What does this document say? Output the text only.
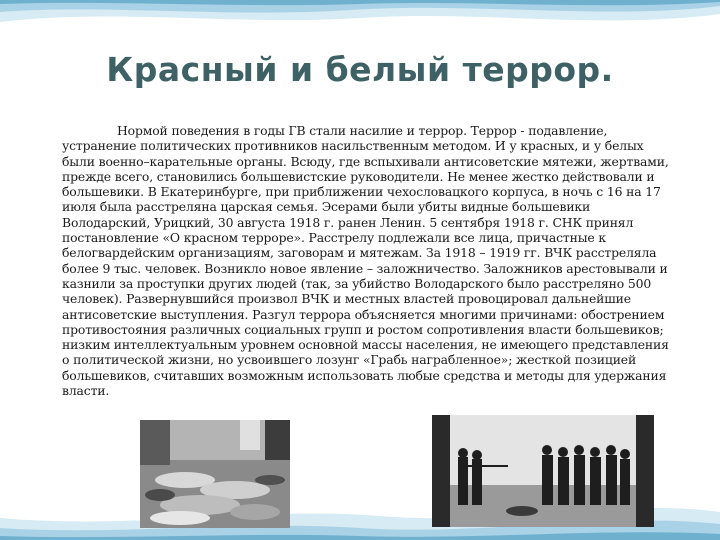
Красный и белый террор.
Нормой поведения в годы ГВ стали насилие и террор. Террор - подавление, устранение политических противников насильственным методом. И у красных, и у белых были военно–карательные органы. Всюду, где вспыхивали антисоветские мятежи, жертвами, прежде всего, становились большевистские руководители. Не менее жестко действовали и большевики. В Екатеринбурге, при приближении чехословацкого корпуса, в ночь с 16 на 17 июля была расстреляна царская семья. Эсерами были убиты видные большевики Володарский, Урицкий, 30 августа 1918 г. ранен Ленин. 5 сентября 1918 г. СНК принял постановление «О красном терроре». Расстрелу подлежали все лица, причастные к белогвардейским организациям, заговорам и мятежам. За 1918 – 1919 гг. ВЧК расстреляла более 9 тыс. человек. Возникло новое явление – заложничество. Заложников арестовывали и казнили за проступки других людей (так, за убийство Володарского было расстреляно 500 человек). Развернувшийся произвол ВЧК и местных властей провоцировал дальнейшие антисоветские выступления. Разгул террора объясняется многими причинами: обострением противостояния различных социальных групп и ростом сопротивления власти большевиков; низким интеллектуальным уровнем основной массы населения, не имеющего представления о политической жизни, но усвоившего лозунг «Грабь награбленное»; жесткой позицией большевиков, считавших возможным использовать любые средства и методы для удержания власти.
